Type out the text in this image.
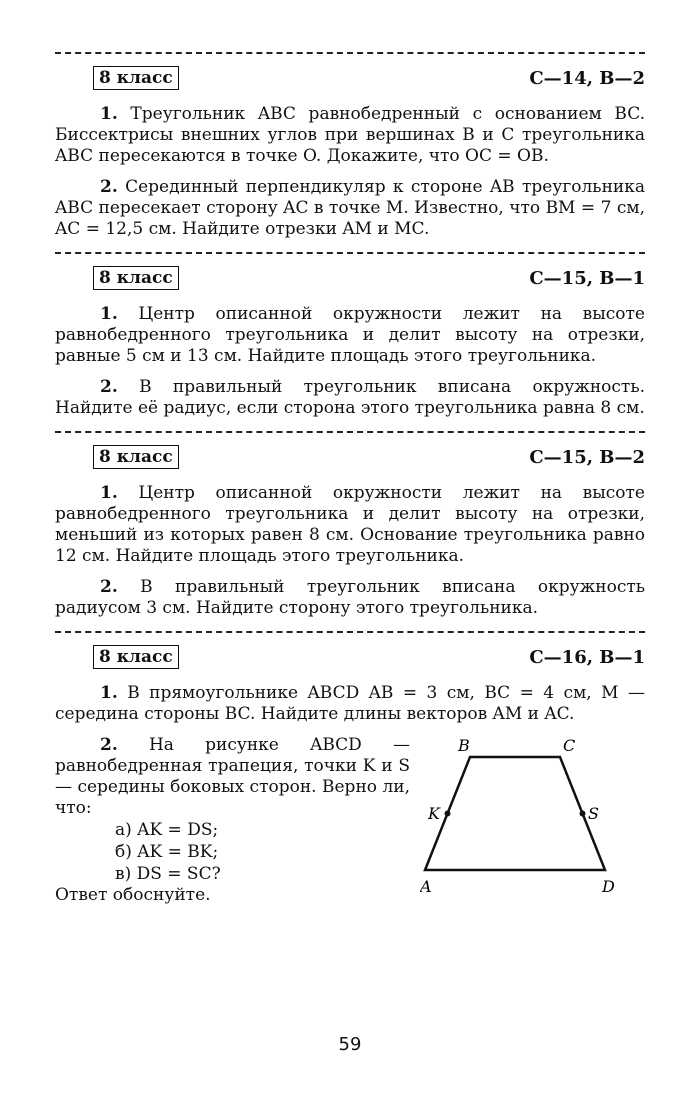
8 класс	С—14, В—2

1. Треугольник ABC равнобедренный с основанием BC. Биссектрисы внешних углов при вершинах B и C треугольника ABC пересекаются в точке O. Докажите, что OC = OB.

2. Серединный перпендикуляр к стороне AB треугольника ABC пересекает сторону AC в точке M. Известно, что BM = 7 см, AC = 12,5 см. Найдите отрезки AM и MC.

8 класс	С—15, В—1

1. Центр описанной окружности лежит на высоте равнобедренного треугольника и делит высоту на отрезки, равные 5 см и 13 см. Найдите площадь этого треугольника.

2. В правильный треугольник вписана окружность. Найдите её радиус, если сторона этого треугольника равна 8 см.

8 класс	С—15, В—2

1. Центр описанной окружности лежит на высоте равнобедренного треугольника и делит высоту на отрезки, меньший из которых равен 8 см. Основание треугольника равно 12 см. Найдите площадь этого треугольника.

2. В правильный треугольник вписана окружность радиусом 3 см. Найдите сторону этого треугольника.

8 класс	С—16, В—1

1. В прямоугольнике ABCD AB = 3 см, BC = 4 см, M — середина стороны BC. Найдите длины векторов AM и AC.

2. На рисунке ABCD — равнобедренная трапеция, точки K и S — середины боковых сторон. Верно ли, что:

а) AK = DS;
б) AK = BK;
в) DS = SC?
Ответ обоснуйте.
B	C
K	S
A	D
59
